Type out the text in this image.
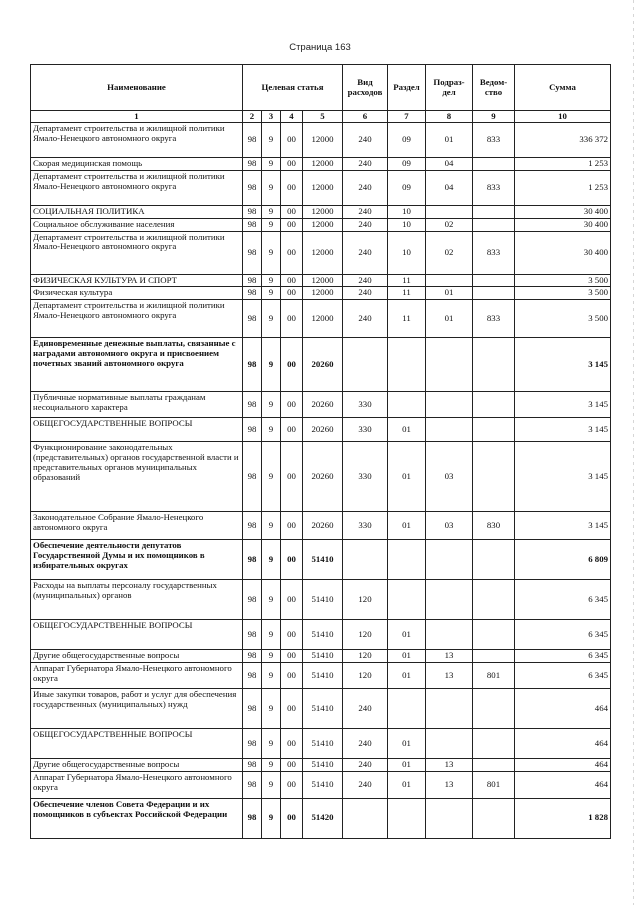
Страница 163
Наименование	Целевая статья				Вид расходов	Раздел	Подраз-дел	Ведом-ство	Сумма
1	2	3	4	5	6	7	8	9	10
Департамент строительства и жилищной политики Ямало-Ненецкого автономного округа	98	9	00	12000	240	09	01	833	336 372
Скорая медицинская помощь	98	9	00	12000	240	09	04		1 253
Департамент строительства и жилищной политики Ямало-Ненецкого автономного округа	98	9	00	12000	240	09	04	833	1 253
СОЦИАЛЬНАЯ ПОЛИТИКА	98	9	00	12000	240	10			30 400
Социальное обслуживание населения	98	9	00	12000	240	10	02		30 400
Департамент строительства и жилищной политики Ямало-Ненецкого автономного округа	98	9	00	12000	240	10	02	833	30 400
ФИЗИЧЕСКАЯ КУЛЬТУРА И СПОРТ	98	9	00	12000	240	11			3 500
Физическая культура	98	9	00	12000	240	11	01		3 500
Департамент строительства и жилищной политики Ямало-Ненецкого автономного округа	98	9	00	12000	240	11	01	833	3 500
Единовременные денежные выплаты, связанные с наградами автономного округа и присвоением почетных званий автономного округа	98	9	00	20260					3 145
Публичные нормативные выплаты гражданам несоциального характера	98	9	00	20260	330				3 145
ОБЩЕГОСУДАРСТВЕННЫЕ ВОПРОСЫ	98	9	00	20260	330	01			3 145
Функционирование законодательных (представительных) органов государственной власти и представительных органов муниципальных образований	98	9	00	20260	330	01	03		3 145
Законодательное Собрание Ямало-Ненецкого автономного округа	98	9	00	20260	330	01	03	830	3 145
Обеспечение деятельности депутатов Государственной Думы и их помощников в избирательных округах	98	9	00	51410					6 809
Расходы на выплаты персоналу государственных (муниципальных) органов	98	9	00	51410	120				6 345
ОБЩЕГОСУДАРСТВЕННЫЕ ВОПРОСЫ	98	9	00	51410	120	01			6 345
Другие общегосударственные вопросы	98	9	00	51410	120	01	13		6 345
Аппарат Губернатора Ямало-Ненецкого автономного округа	98	9	00	51410	120	01	13	801	6 345
Иные закупки товаров, работ и услуг для обеспечения государственных (муниципальных) нужд	98	9	00	51410	240				464
ОБЩЕГОСУДАРСТВЕННЫЕ ВОПРОСЫ	98	9	00	51410	240	01			464
Другие общегосударственные вопросы	98	9	00	51410	240	01	13		464
Аппарат Губернатора Ямало-Ненецкого автономного округа	98	9	00	51410	240	01	13	801	464
Обеспечение членов Совета Федерации и их помощников в субъектах Российской Федерации	98	9	00	51420					1 828
